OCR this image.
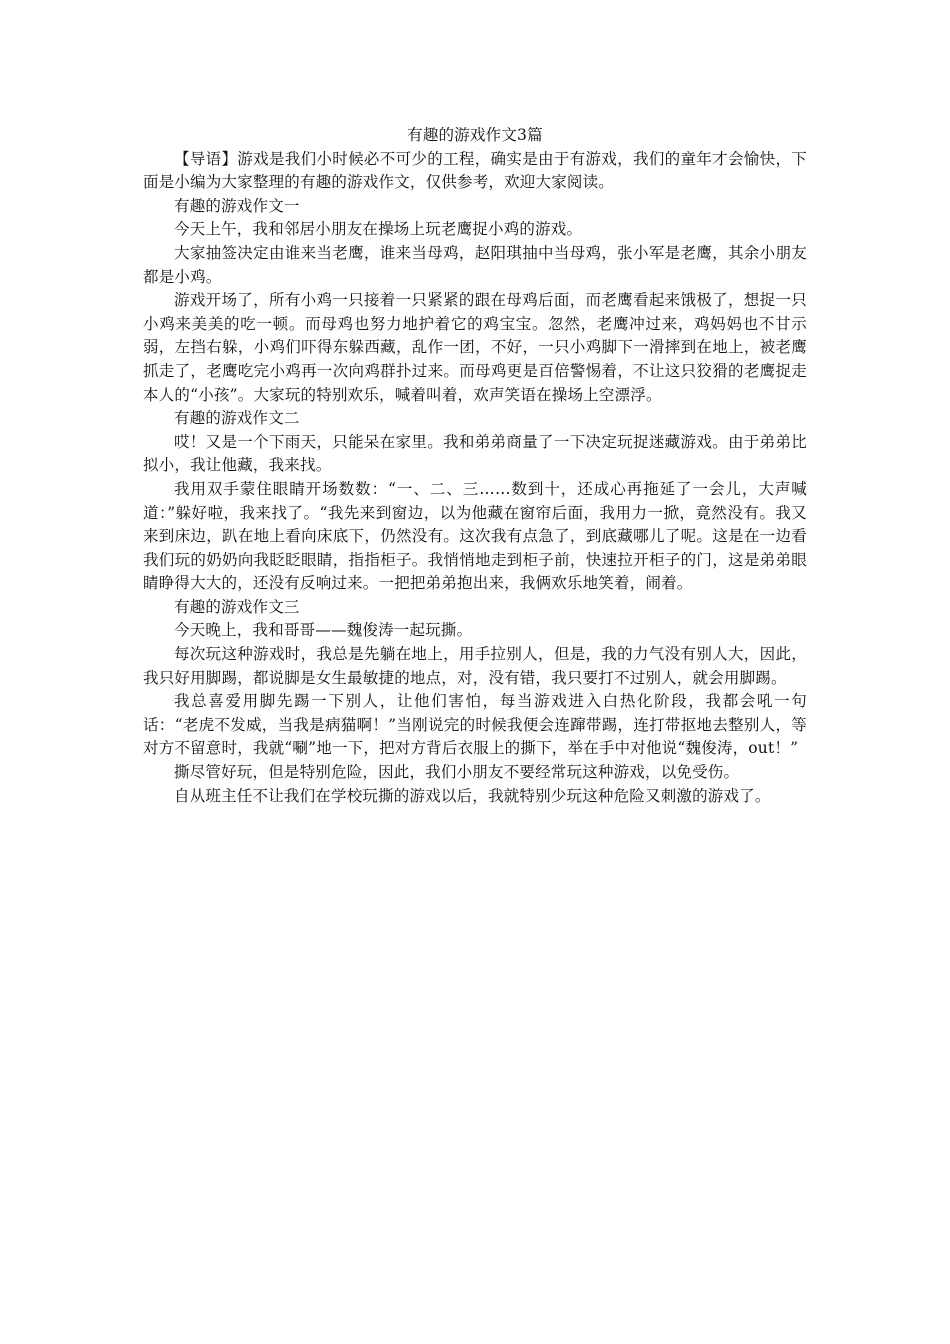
有趣的游戏作文3篇

【导语】游戏是我们小时候必不可少的工程，确实是由于有游戏，我们的童年才会愉快，下面是小编为大家整理的有趣的游戏作文，仅供参考，欢迎大家阅读。

有趣的游戏作文一

今天上午，我和邻居小朋友在操场上玩老鹰捉小鸡的游戏。

大家抽签决定由谁来当老鹰，谁来当母鸡，赵阳琪抽中当母鸡，张小军是老鹰，其余小朋友都是小鸡。

游戏开场了，所有小鸡一只接着一只紧紧的跟在母鸡后面，而老鹰看起来饿极了，想捉一只小鸡来美美的吃一顿。而母鸡也努力地护着它的鸡宝宝。忽然，老鹰冲过来，鸡妈妈也不甘示弱，左挡右躲，小鸡们吓得东躲西藏，乱作一团，不好，一只小鸡脚下一滑摔到在地上，被老鹰抓走了，老鹰吃完小鸡再一次向鸡群扑过来。而母鸡更是百倍警惕着，不让这只狡猾的老鹰捉走本人的“小孩”。大家玩的特别欢乐，喊着叫着，欢声笑语在操场上空漂浮。

有趣的游戏作文二

哎！又是一个下雨天，只能呆在家里。我和弟弟商量了一下决定玩捉迷藏游戏。由于弟弟比拟小，我让他藏，我来找。

我用双手蒙住眼睛开场数数：“一、二、三……数到十，还成心再拖延了一会儿，大声喊道：”躲好啦，我来找了。“我先来到窗边，以为他藏在窗帘后面，我用力一掀，竟然没有。我又来到床边，趴在地上看向床底下，仍然没有。这次我有点急了，到底藏哪儿了呢。这是在一边看我们玩的奶奶向我眨眨眼睛，指指柜子。我悄悄地走到柜子前，快速拉开柜子的门，这是弟弟眼睛睁得大大的，还没有反响过来。一把把弟弟抱出来，我俩欢乐地笑着，闹着。

有趣的游戏作文三

今天晚上，我和哥哥——魏俊涛一起玩撕。

每次玩这种游戏时，我总是先躺在地上，用手拉别人，但是，我的力气没有别人大，因此，我只好用脚踢，都说脚是女生最敏捷的地点，对，没有错，我只要打不过别人，就会用脚踢。

我总喜爱用脚先踢一下别人，让他们害怕，每当游戏进入白热化阶段，我都会吼一句话：“老虎不发威，当我是病猫啊！”当刚说完的时候我便会连蹿带踢，连打带抠地去整别人，等对方不留意时，我就“唰”地一下，把对方背后衣服上的撕下，举在手中对他说“魏俊涛，out！”

撕尽管好玩，但是特别危险，因此，我们小朋友不要经常玩这种游戏，以免受伤。

自从班主任不让我们在学校玩撕的游戏以后，我就特别少玩这种危险又刺激的游戏了。
